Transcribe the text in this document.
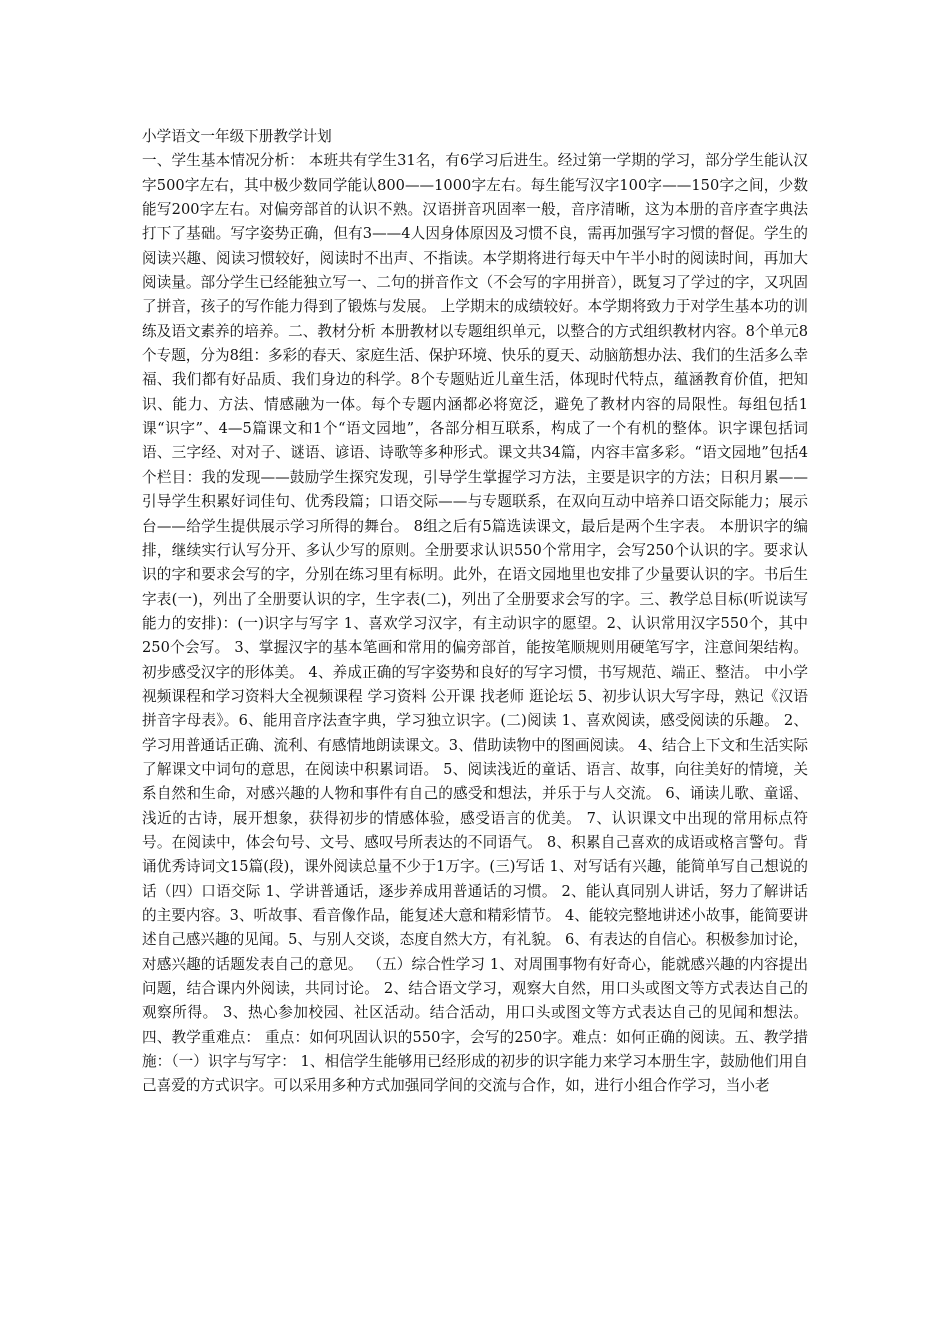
小学语文一年级下册教学计划
一、学生基本情况分析： 本班共有学生31名，有6学习后进生。经过第一学期的学习，部分学生能认汉字500字左右，其中极少数同学能认800——1000字左右。每生能写汉字100字——150字之间，少数能写200字左右。对偏旁部首的认识不熟。汉语拼音巩固率一般，音序清晰，这为本册的音序查字典法打下了基础。写字姿势正确，但有3——4人因身体原因及习惯不良，需再加强写字习惯的督促。学生的阅读兴趣、阅读习惯较好，阅读时不出声、不指读。本学期将进行每天中午半小时的阅读时间，再加大阅读量。部分学生已经能独立写一、二句的拼音作文（不会写的字用拼音），既复习了学过的字，又巩固了拼音，孩子的写作能力得到了锻炼与发展。 上学期末的成绩较好。本学期将致力于对学生基本功的训练及语文素养的培养。二、教材分析 本册教材以专题组织单元，以整合的方式组织教材内容。8个单元8个专题，分为8组：多彩的春天、家庭生活、保护环境、快乐的夏天、动脑筋想办法、我们的生活多么幸福、我们都有好品质、我们身边的科学。8个专题贴近儿童生活，体现时代特点，蕴涵教育价值，把知识、能力、方法、情感融为一体。每个专题内涵都必将宽泛，避免了教材内容的局限性。每组包括1课“识字”、4—5篇课文和1个“语文园地”，各部分相互联系，构成了一个有机的整体。识字课包括词语、三字经、对对子、谜语、谚语、诗歌等多种形式。课文共34篇，内容丰富多彩。“语文园地”包括4个栏目：我的发现——鼓励学生探究发现，引导学生掌握学习方法，主要是识字的方法；日积月累——引导学生积累好词佳句、优秀段篇；口语交际——与专题联系，在双向互动中培养口语交际能力；展示台——给学生提供展示学习所得的舞台。 8组之后有5篇选读课文，最后是两个生字表。 本册识字的编排，继续实行认写分开、多认少写的原则。全册要求认识550个常用字，会写250个认识的字。要求认识的字和要求会写的字，分别在练习里有标明。此外，在语文园地里也安排了少量要认识的字。书后生字表(一)，列出了全册要认识的字，生字表(二)，列出了全册要求会写的字。三、教学总目标(听说读写能力的安排)：(一)识字与写字 1、喜欢学习汉字，有主动识字的愿望。2、认识常用汉字550个，其中250个会写。 3、掌握汉字的基本笔画和常用的偏旁部首，能按笔顺规则用硬笔写字，注意间架结构。初步感受汉字的形体美。 4、养成正确的写字姿势和良好的写字习惯，书写规范、端正、整洁。 中小学视频课程和学习资料大全视频课程 学习资料 公开课 找老师 逛论坛 5、初步认识大写字母，熟记《汉语拼音字母表》。6、能用音序法查字典，学习独立识字。(二)阅读 1、喜欢阅读，感受阅读的乐趣。 2、学习用普通话正确、流利、有感情地朗读课文。3、借助读物中的图画阅读。 4、结合上下文和生活实际了解课文中词句的意思，在阅读中积累词语。 5、阅读浅近的童话、语言、故事，向往美好的情境，关系自然和生命，对感兴趣的人物和事件有自己的感受和想法，并乐于与人交流。 6、诵读儿歌、童谣、浅近的古诗，展开想象，获得初步的情感体验，感受语言的优美。 7、认识课文中出现的常用标点符号。在阅读中，体会句号、文号、感叹号所表达的不同语气。 8、积累自己喜欢的成语或格言警句。背诵优秀诗词文15篇(段)，课外阅读总量不少于1万字。(三)写话 1、对写话有兴趣，能简单写自己想说的话（四）口语交际 1、学讲普通话，逐步养成用普通话的习惯。 2、能认真同别人讲话，努力了解讲话的主要内容。3、听故事、看音像作品，能复述大意和精彩情节。 4、能较完整地讲述小故事，能简要讲述自己感兴趣的见闻。5、与别人交谈，态度自然大方，有礼貌。 6、有表达的自信心。积极参加讨论，对感兴趣的话题发表自己的意见。 （五）综合性学习 1、对周围事物有好奇心，能就感兴趣的内容提出问题，结合课内外阅读，共同讨论。 2、结合语文学习，观察大自然，用口头或图文等方式表达自己的观察所得。 3、热心参加校园、社区活动。结合活动，用口头或图文等方式表达自己的见闻和想法。四、教学重难点： 重点：如何巩固认识的550字，会写的250字。难点：如何正确的阅读。五、教学措施：（一）识字与写字： 1、相信学生能够用已经形成的初步的识字能力来学习本册生字，鼓励他们用自己喜爱的方式识字。可以采用多种方式加强同学间的交流与合作，如，进行小组合作学习，当小老
